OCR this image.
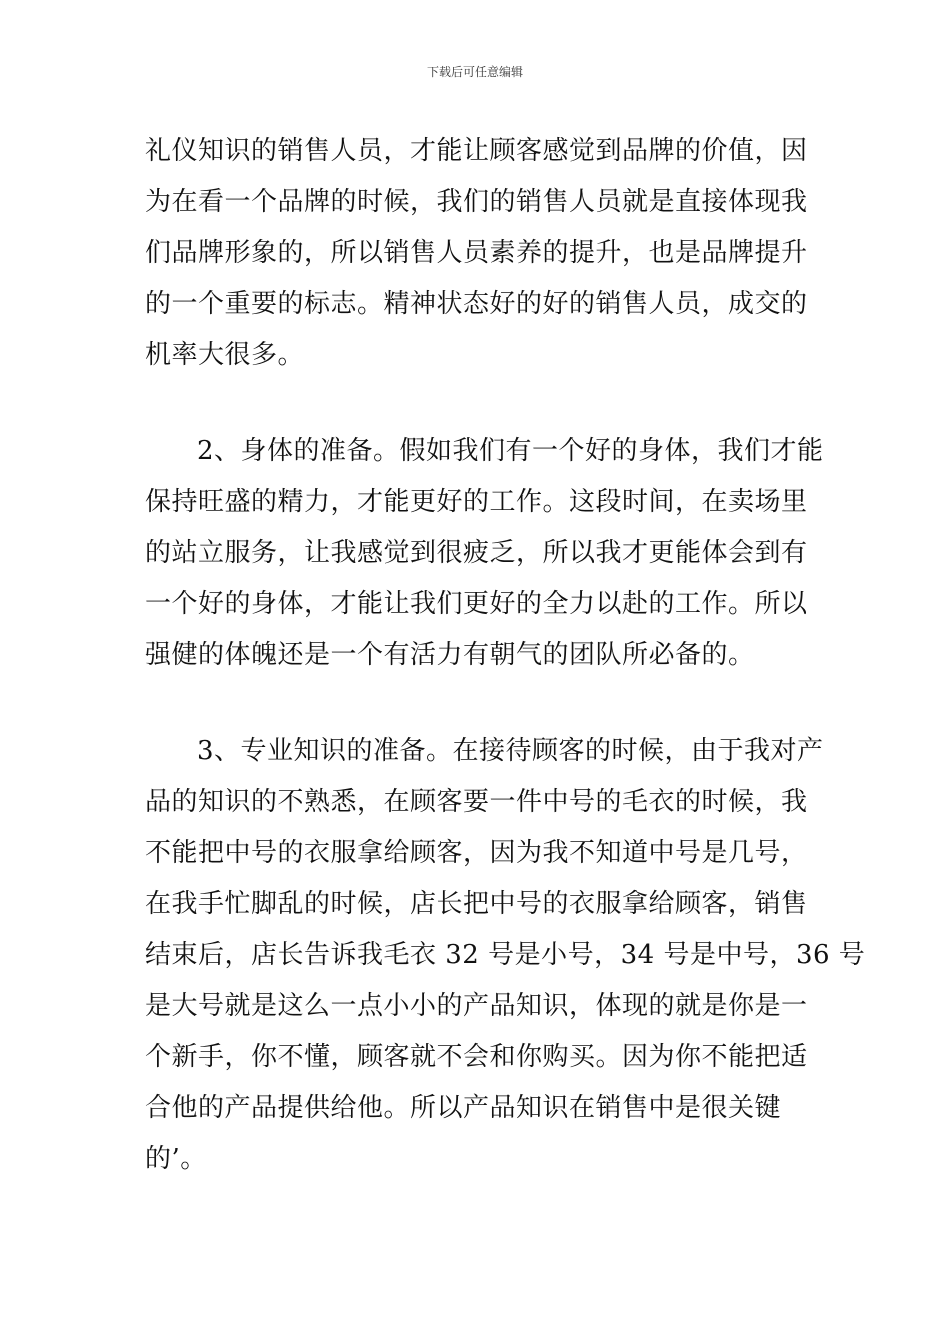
下载后可任意编辑

礼仪知识的销售人员，才能让顾客感觉到品牌的价值，因
为在看一个品牌的时候，我们的销售人员就是直接体现我
们品牌形象的，所以销售人员素养的提升，也是品牌提升
的一个重要的标志。精神状态好的好的销售人员，成交的
机率大很多。

2、身体的准备。假如我们有一个好的身体，我们才能
保持旺盛的精力，才能更好的工作。这段时间，在卖场里
的站立服务，让我感觉到很疲乏，所以我才更能体会到有
一个好的身体，才能让我们更好的全力以赴的工作。所以
强健的体魄还是一个有活力有朝气的团队所必备的。

3、专业知识的准备。在接待顾客的时候，由于我对产
品的知识的不熟悉，在顾客要一件中号的毛衣的时候，我
不能把中号的衣服拿给顾客，因为我不知道中号是几号，
在我手忙脚乱的时候，店长把中号的衣服拿给顾客，销售
结束后，店长告诉我毛衣 32 号是小号，34 号是中号，36 号
是大号就是这么一点小小的产品知识，体现的就是你是一
个新手，你不懂，顾客就不会和你购买。因为你不能把适
合他的产品提供给他。所以产品知识在销售中是很关键
的’。
